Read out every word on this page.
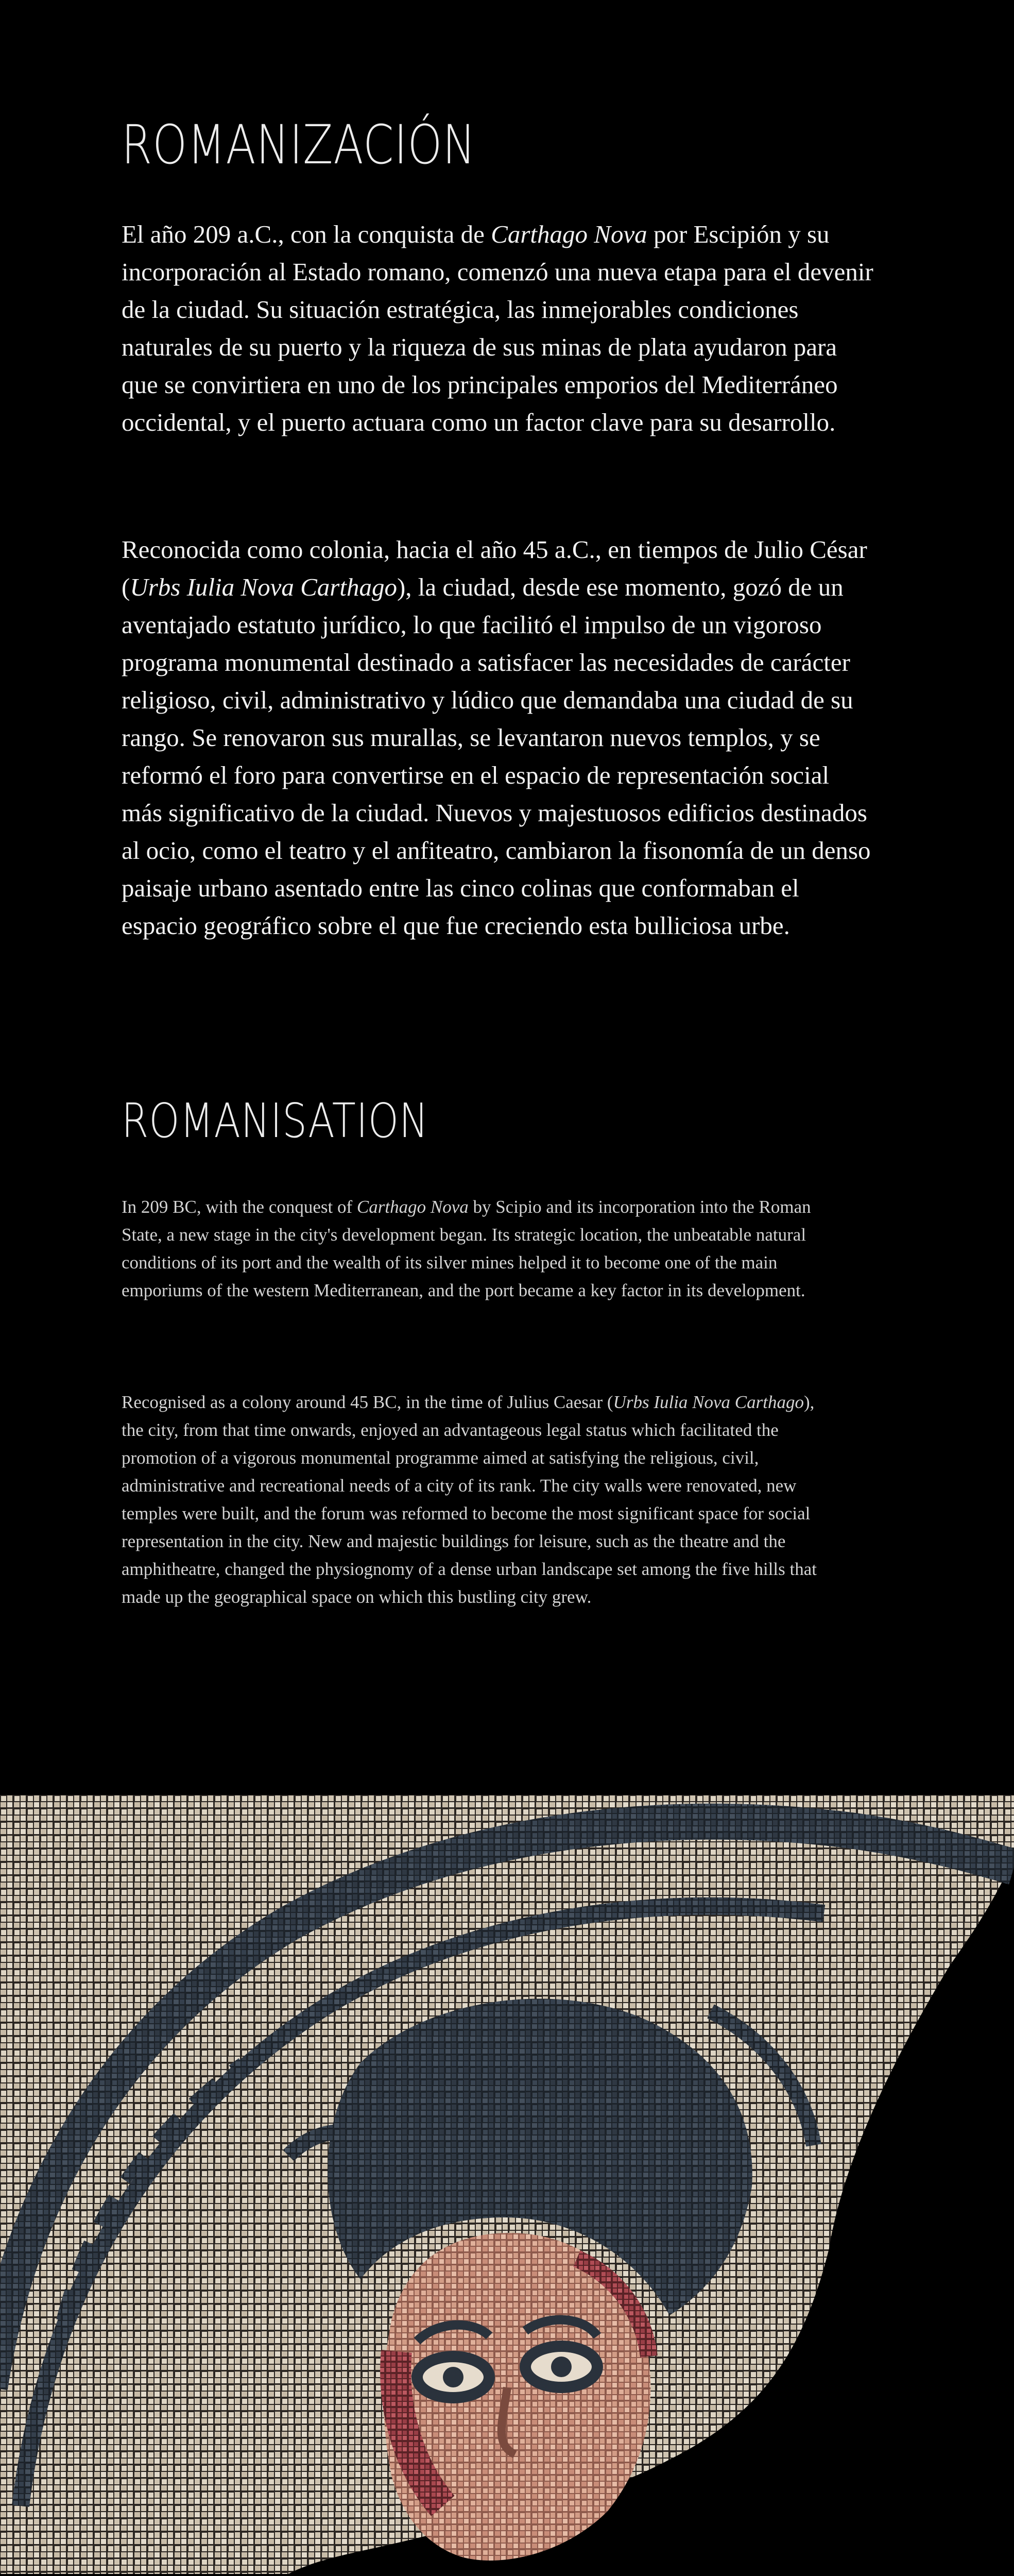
ROMANIZACIÓN

El año 209 a.C., con la conquista de Carthago Nova por Escipión y su incorporación al Estado romano, comenzó una nueva etapa para el devenir de la ciudad. Su situación estratégica, las inmejorables condiciones naturales de su puerto y la riqueza de sus minas de plata ayudaron para que se convirtiera en uno de los principales emporios del Mediterráneo occidental, y el puerto actuara como un factor clave para su desarrollo.

Reconocida como colonia, hacia el año 45 a.C., en tiempos de Julio César (Urbs Iulia Nova Carthago), la ciudad, desde ese momento, gozó de un aventajado estatuto jurídico, lo que facilitó el impulso de un vigoroso programa monumental destinado a satisfacer las necesidades de carácter religioso, civil, administrativo y lúdico que demandaba una ciudad de su rango. Se renovaron sus murallas, se levantaron nuevos templos, y se reformó el foro para convertirse en el espacio de representación social más significativo de la ciudad. Nuevos y majestuosos edificios destinados al ocio, como el teatro y el anfiteatro, cambiaron la fisonomía de un denso paisaje urbano asentado entre las cinco colinas que conformaban el espacio geográfico sobre el que fue creciendo esta bulliciosa urbe.

ROMANISATION

In 209 BC, with the conquest of Carthago Nova by Scipio and its incorporation into the Roman State, a new stage in the city's development began. Its strategic location, the unbeatable natural conditions of its port and the wealth of its silver mines helped it to become one of the main emporiums of the western Mediterranean, and the port became a key factor in its development.

Recognised as a colony around 45 BC, in the time of Julius Caesar (Urbs Iulia Nova Carthago), the city, from that time onwards, enjoyed an advantageous legal status which facilitated the promotion of a vigorous monumental programme aimed at satisfying the religious, civil, administrative and recreational needs of a city of its rank. The city walls were renovated, new temples were built, and the forum was reformed to become the most significant space for social representation in the city. New and majestic buildings for leisure, such as the theatre and the amphitheatre, changed the physiognomy of a dense urban landscape set among the five hills that made up the geographical space on which this bustling city grew.
